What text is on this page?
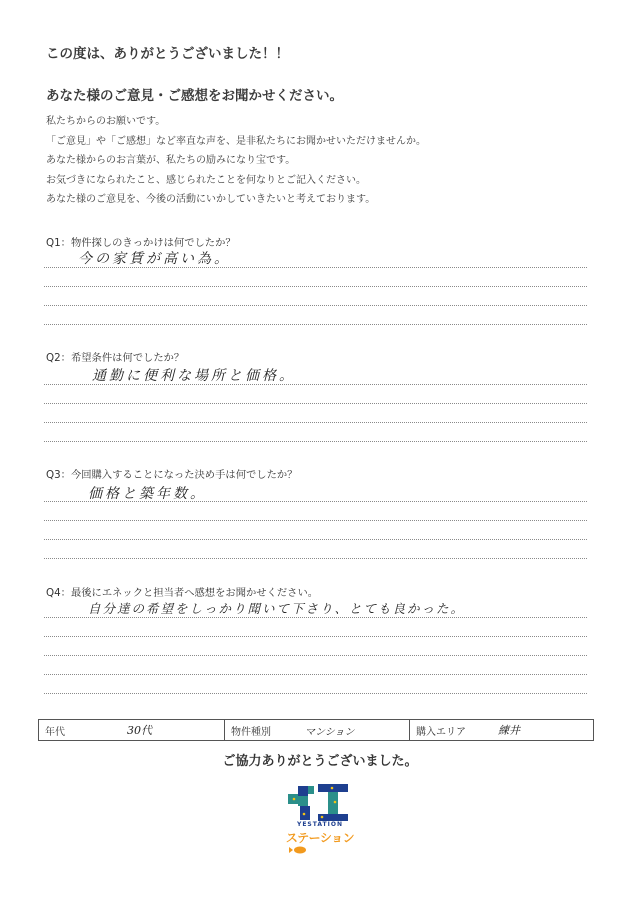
この度は、ありがとうございました！！
あなた様のご意見・ご感想をお聞かせください。
私たちからのお願いです。
「ご意見」や「ご感想」など率直な声を、是非私たちにお聞かせいただけませんか。
あなた様からのお言葉が、私たちの励みになり宝です。
お気づきになられたこと、感じられたことを何なりとご記入ください。
あなた様のご意見を、今後の活動にいかしていきたいと考えております。
Q1：物件探しのきっかけは何でしたか？
今の家賃が高い為。
Q2：希望条件は何でしたか？
通勤に便利な場所と価格。
Q3：今回購入することになった決め手は何でしたか？
価格と築年数。
Q4：最後にエネックと担当者へ感想をお聞かせください。
自分達の希望をしっかり聞いて下さり、とても良かった。
年代	30代	物件種別	マンション	購入エリア	練井
ご協力ありがとうございました。
YESTATION
ステーション
